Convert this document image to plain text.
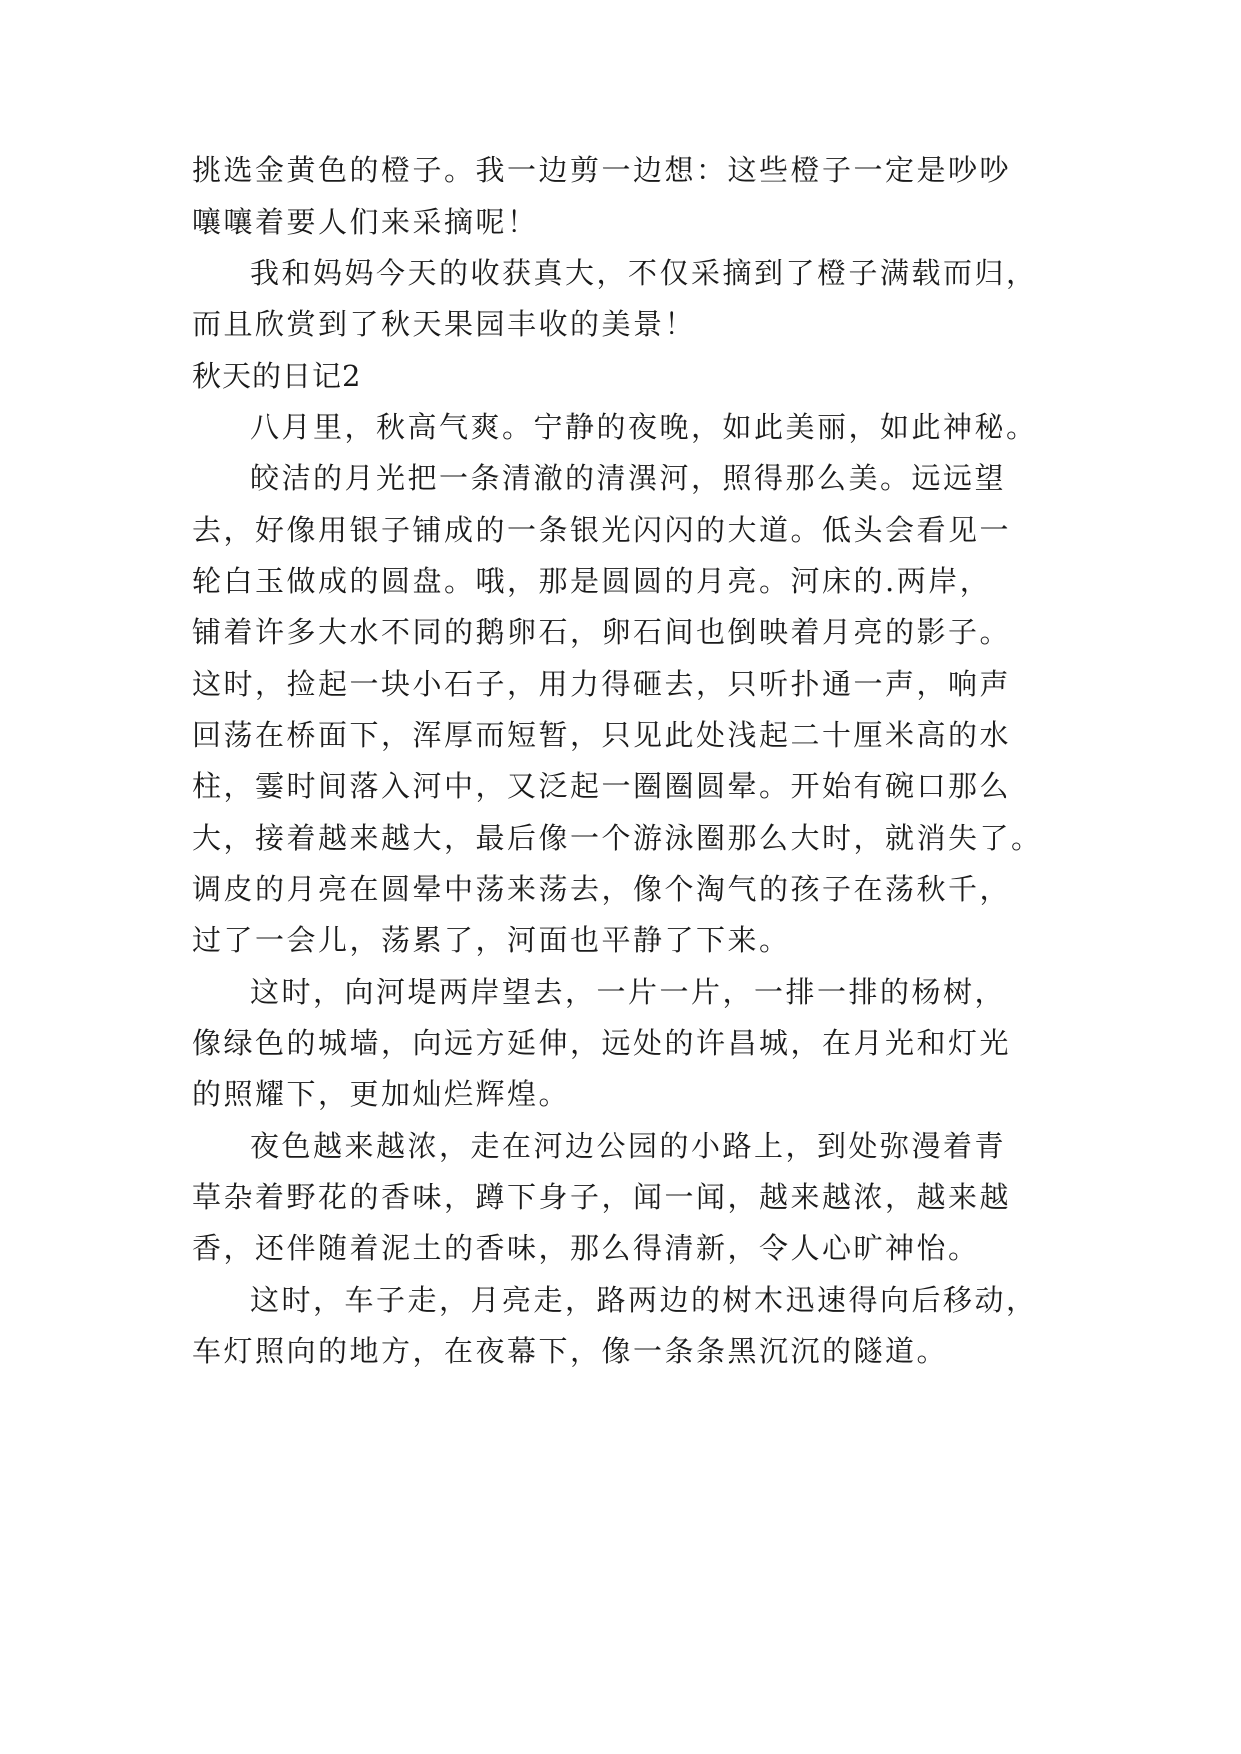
挑选金黄色的橙子。我一边剪一边想：这些橙子一定是吵吵
嚷嚷着要人们来采摘呢！
我和妈妈今天的收获真大，不仅采摘到了橙子满载而归，
而且欣赏到了秋天果园丰收的美景！
秋天的日记2
八月里，秋高气爽。宁静的夜晚，如此美丽，如此神秘。
皎洁的月光把一条清澈的清潩河，照得那么美。远远望
去，好像用银子铺成的一条银光闪闪的大道。低头会看见一
轮白玉做成的圆盘。哦，那是圆圆的月亮。河床的.两岸，
铺着许多大水不同的鹅卵石，卵石间也倒映着月亮的影子。
这时，捡起一块小石子，用力得砸去，只听扑通一声，响声
回荡在桥面下，浑厚而短暂，只见此处浅起二十厘米高的水
柱，霎时间落入河中，又泛起一圈圈圆晕。开始有碗口那么
大，接着越来越大，最后像一个游泳圈那么大时，就消失了。
调皮的月亮在圆晕中荡来荡去，像个淘气的孩子在荡秋千，
过了一会儿，荡累了，河面也平静了下来。
这时，向河堤两岸望去，一片一片，一排一排的杨树，
像绿色的城墙，向远方延伸，远处的许昌城，在月光和灯光
的照耀下，更加灿烂辉煌。
夜色越来越浓，走在河边公园的小路上，到处弥漫着青
草杂着野花的香味，蹲下身子，闻一闻，越来越浓，越来越
香，还伴随着泥土的香味，那么得清新，令人心旷神怡。
这时，车子走，月亮走，路两边的树木迅速得向后移动，
车灯照向的地方，在夜幕下，像一条条黑沉沉的隧道。
